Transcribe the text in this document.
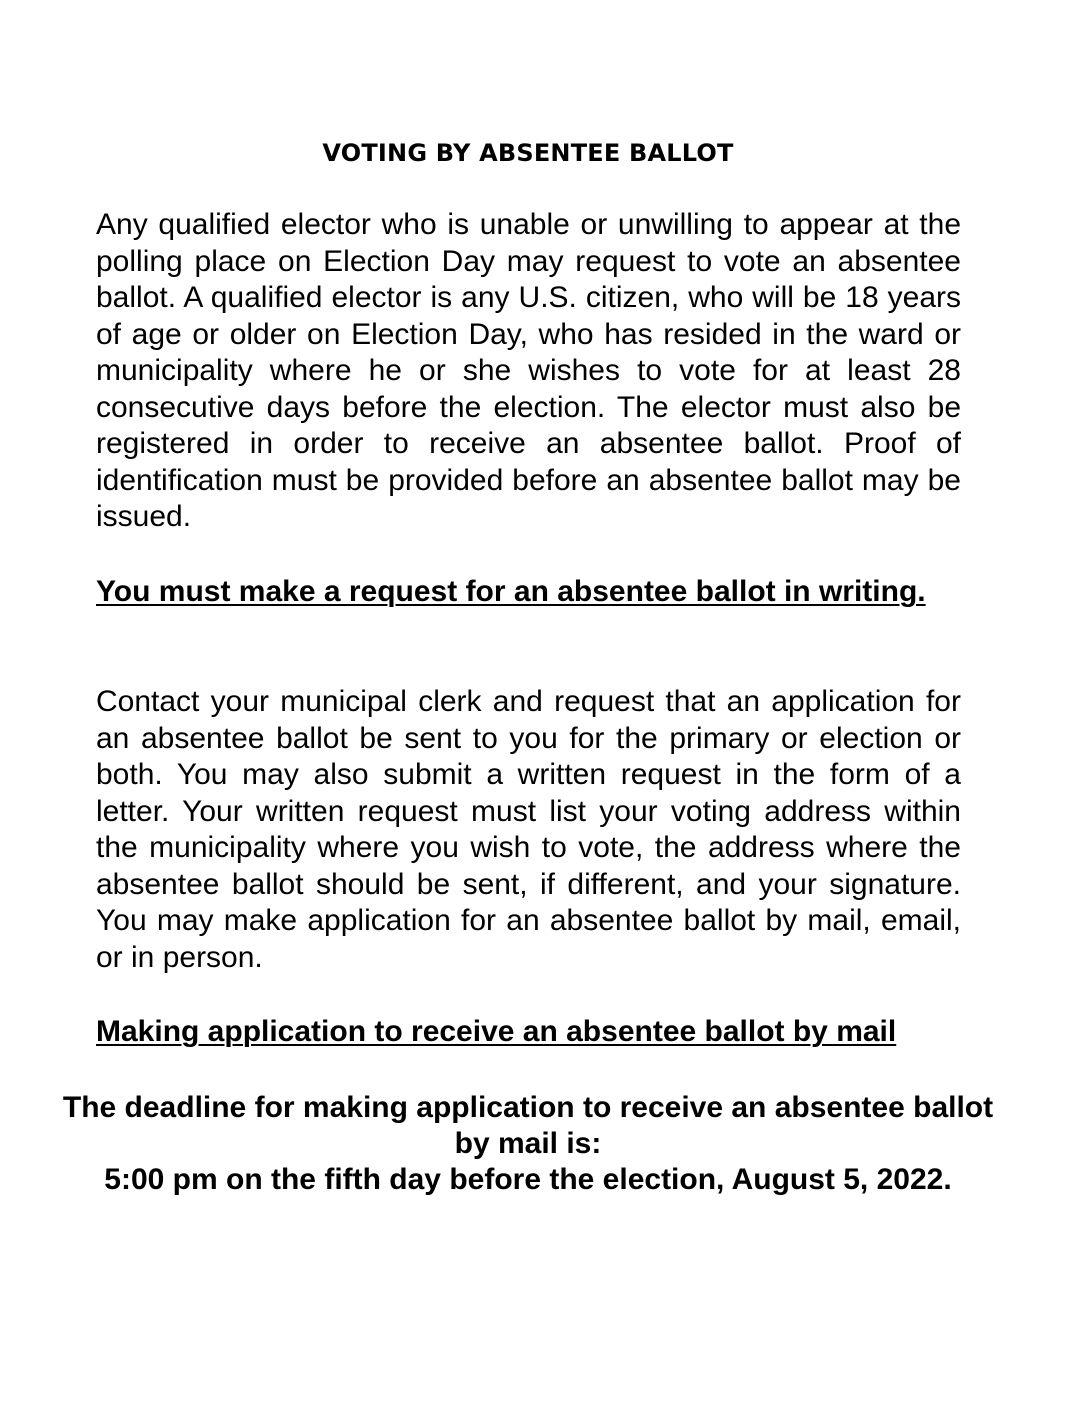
VOTING BY ABSENTEE BALLOT

Any qualified elector who is unable or unwilling to appear at the polling place on Election Day may request to vote an absentee ballot. A qualified elector is any U.S. citizen, who will be 18 years of age or older on Election Day, who has resided in the ward or municipality where he or she wishes to vote for at least 28 consecutive days before the election. The elector must also be registered in order to receive an absentee ballot. Proof of identification must be provided before an absentee ballot may be issued.

You must make a request for an absentee ballot in writing.

Contact your municipal clerk and request that an application for an absentee ballot be sent to you for the primary or election or both. You may also submit a written request in the form of a letter. Your written request must list your voting address within the municipality where you wish to vote, the address where the absentee ballot should be sent, if different, and your signature. You may make application for an absentee ballot by mail, email, or in person.

Making application to receive an absentee ballot by mail
The deadline for making application to receive an absentee ballot by mail is:
5:00 pm on the fifth day before the election, August 5, 2022.
